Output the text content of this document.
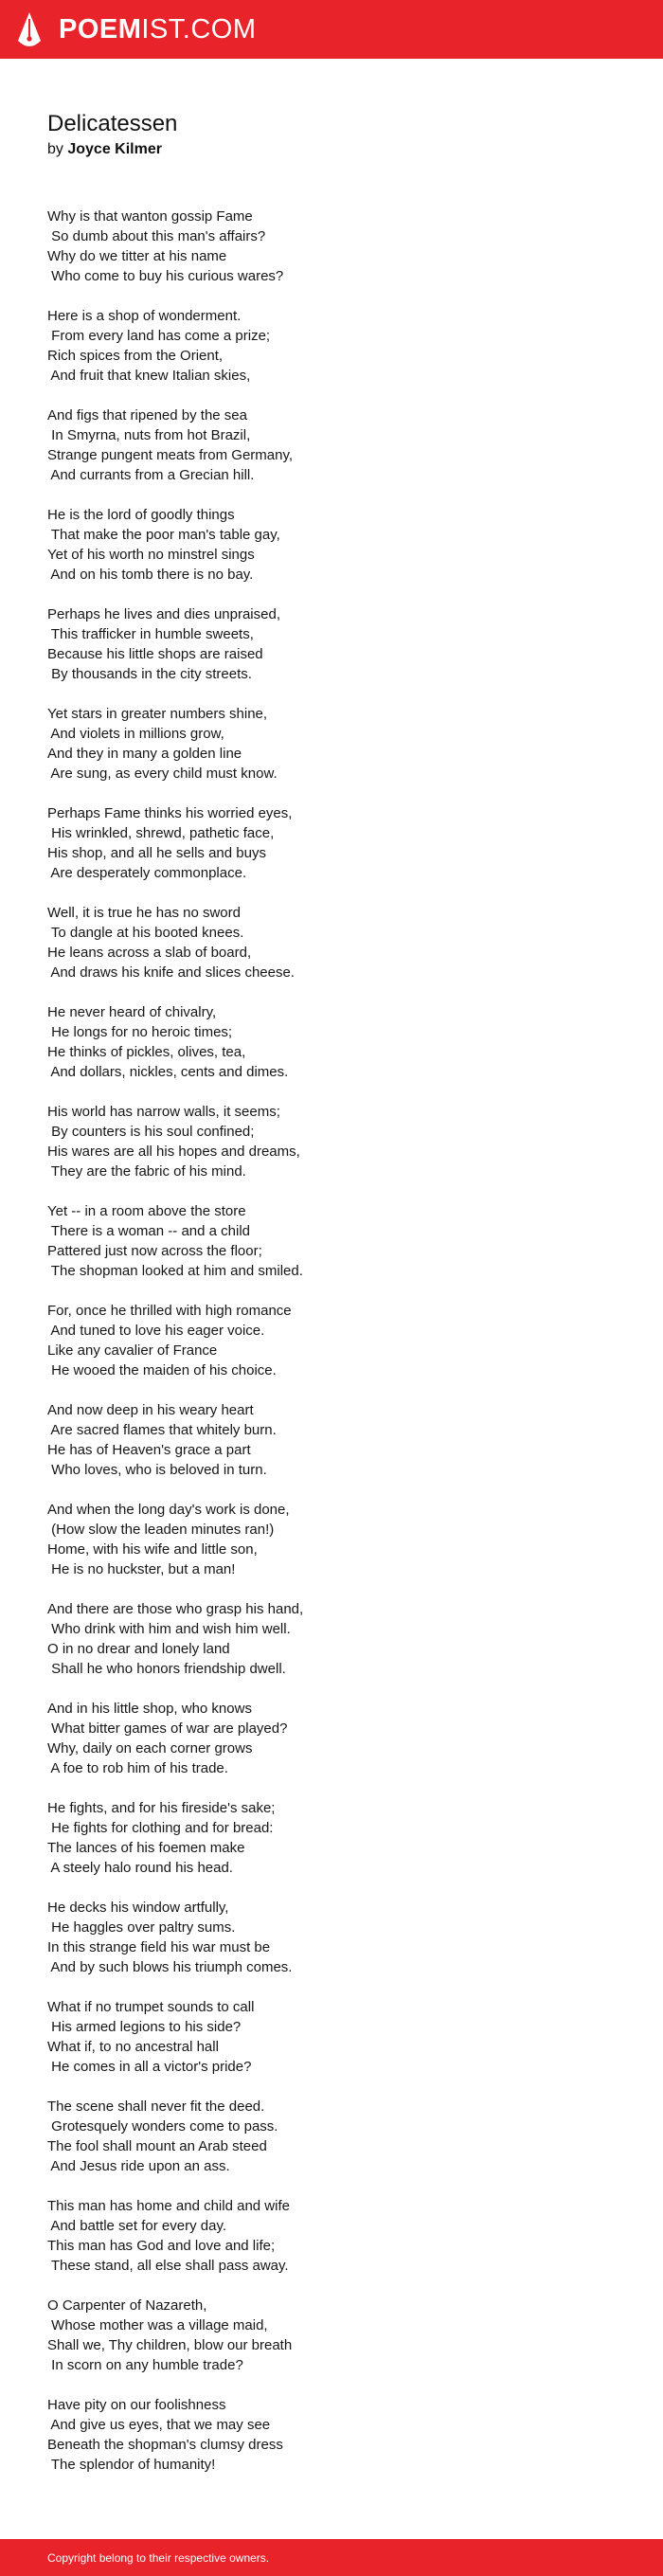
POEMIST.COM
Delicatessen
by Joyce Kilmer
Why is that wanton gossip Fame
So dumb about this man's affairs?
Why do we titter at his name
Who come to buy his curious wares?
Here is a shop of wonderment.
From every land has come a prize;
Rich spices from the Orient,
And fruit that knew Italian skies,
And figs that ripened by the sea
In Smyrna, nuts from hot Brazil,
Strange pungent meats from Germany,
And currants from a Grecian hill.
He is the lord of goodly things
That make the poor man's table gay,
Yet of his worth no minstrel sings
And on his tomb there is no bay.
Perhaps he lives and dies unpraised,
This trafficker in humble sweets,
Because his little shops are raised
By thousands in the city streets.
Yet stars in greater numbers shine,
And violets in millions grow,
And they in many a golden line
Are sung, as every child must know.
Perhaps Fame thinks his worried eyes,
His wrinkled, shrewd, pathetic face,
His shop, and all he sells and buys
Are desperately commonplace.
Well, it is true he has no sword
To dangle at his booted knees.
He leans across a slab of board,
And draws his knife and slices cheese.
He never heard of chivalry,
He longs for no heroic times;
He thinks of pickles, olives, tea,
And dollars, nickles, cents and dimes.
His world has narrow walls, it seems;
By counters is his soul confined;
His wares are all his hopes and dreams,
They are the fabric of his mind.
Yet -- in a room above the store
There is a woman -- and a child
Pattered just now across the floor;
The shopman looked at him and smiled.
For, once he thrilled with high romance
And tuned to love his eager voice.
Like any cavalier of France
He wooed the maiden of his choice.
And now deep in his weary heart
Are sacred flames that whitely burn.
He has of Heaven's grace a part
Who loves, who is beloved in turn.
And when the long day's work is done,
(How slow the leaden minutes ran!)
Home, with his wife and little son,
He is no huckster, but a man!
And there are those who grasp his hand,
Who drink with him and wish him well.
O in no drear and lonely land
Shall he who honors friendship dwell.
And in his little shop, who knows
What bitter games of war are played?
Why, daily on each corner grows
A foe to rob him of his trade.
He fights, and for his fireside's sake;
He fights for clothing and for bread:
The lances of his foemen make
A steely halo round his head.
He decks his window artfully,
He haggles over paltry sums.
In this strange field his war must be
And by such blows his triumph comes.
What if no trumpet sounds to call
His armed legions to his side?
What if, to no ancestral hall
He comes in all a victor's pride?
The scene shall never fit the deed.
Grotesquely wonders come to pass.
The fool shall mount an Arab steed
And Jesus ride upon an ass.
This man has home and child and wife
And battle set for every day.
This man has God and love and life;
These stand, all else shall pass away.
O Carpenter of Nazareth,
Whose mother was a village maid,
Shall we, Thy children, blow our breath
In scorn on any humble trade?
Have pity on our foolishness
And give us eyes, that we may see
Beneath the shopman's clumsy dress
The splendor of humanity!
Copyright belong to their respective owners.
